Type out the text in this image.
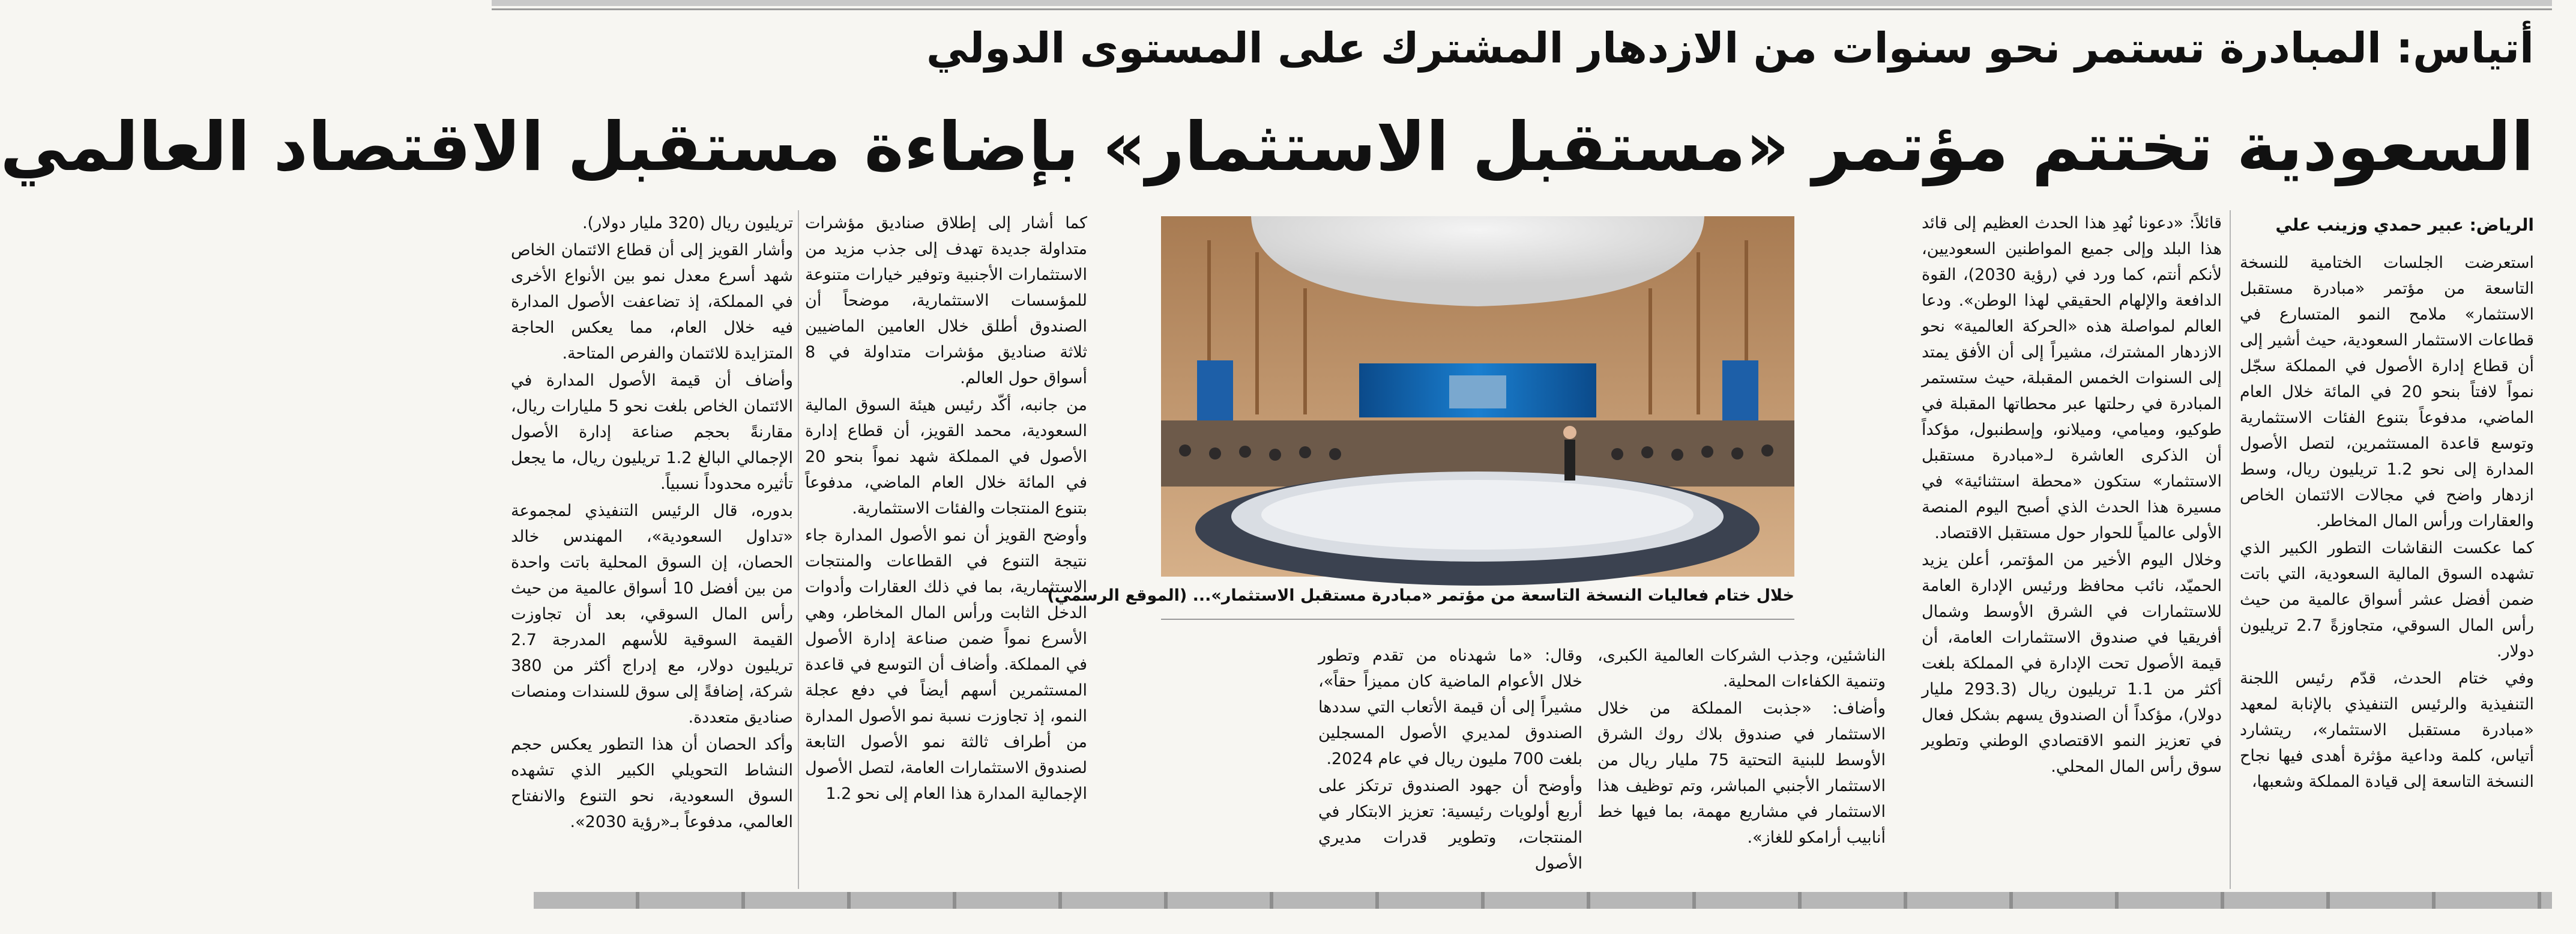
أتياس: المبادرة تستمر نحو سنوات من الازدهار المشترك على المستوى الدولي
السعودية تختتم مؤتمر «مستقبل الاستثمار» بإضاءة مستقبل الاقتصاد العالمي

الرياض: عبير حمدي وزينب علي

استعرضت الجلسات الختامية للنسخة التاسعة من مؤتمر «مبادرة مستقبل الاستثمار» ملامح النمو المتسارع في قطاعات الاستثمار السعودية، حيث أشير إلى أن قطاع إدارة الأصول في المملكة سجّل نمواً لافتاً بنحو 20 في المائة خلال العام الماضي، مدفوعاً بتنوع الفئات الاستثمارية وتوسع قاعدة المستثمرين، لتصل الأصول المدارة إلى نحو 1.2 تريليون ريال، وسط ازدهار واضح في مجالات الائتمان الخاص والعقارات ورأس المال المخاطر.

كما عكست النقاشات التطور الكبير الذي تشهده السوق المالية السعودية، التي باتت ضمن أفضل عشر أسواق عالمية من حيث رأس المال السوقي، متجاوزةً 2.7 تريليون دولار.

وفي ختام الحدث، قدّم رئيس اللجنة التنفيذية والرئيس التنفيذي بالإنابة لمعهد «مبادرة مستقبل الاستثمار»، ريتشارد أتياس، كلمة وداعية مؤثرة أهدى فيها نجاح النسخة التاسعة إلى قيادة المملكة وشعبها،

قائلاً: «دعونا نُهدِ هذا الحدث العظيم إلى قائد هذا البلد وإلى جميع المواطنين السعوديين، لأنكم أنتم، كما ورد في (رؤية 2030)، القوة الدافعة والإلهام الحقيقي لهذا الوطن». ودعا العالم لمواصلة هذه «الحركة العالمية» نحو الازدهار المشترك، مشيراً إلى أن الأفق يمتد إلى السنوات الخمس المقبلة، حيث ستستمر المبادرة في رحلتها عبر محطاتها المقبلة في طوكيو، وميامي، وميلانو، وإسطنبول، مؤكداً أن الذكرى العاشرة لـ«مبادرة مستقبل الاستثمار» ستكون «محطة استثنائية» في مسيرة هذا الحدث الذي أصبح اليوم المنصة الأولى عالمياً للحوار حول مستقبل الاقتصاد.

وخلال اليوم الأخير من المؤتمر، أعلن يزيد الحميّد، نائب محافظ ورئيس الإدارة العامة للاستثمارات في الشرق الأوسط وشمال أفريقيا في صندوق الاستثمارات العامة، أن قيمة الأصول تحت الإدارة في المملكة بلغت أكثر من 1.1 تريليون ريال (293.3 مليار دولار)، مؤكداً أن الصندوق يسهم بشكل فعال في تعزيز النمو الاقتصادي الوطني وتطوير سوق رأس المال المحلي.

خلال ختام فعاليات النسخة التاسعة من مؤتمر «مبادرة مستقبل الاستثمار»... (الموقع الرسمي)

وقال: «ما شهدناه من تقدم وتطور خلال الأعوام الماضية كان مميزاً حقاً»، مشيراً إلى أن قيمة الأتعاب التي سددها الصندوق لمديري الأصول المسجلين بلغت 700 مليون ريال في عام 2024.

وأوضح أن جهود الصندوق ترتكز على أربع أولويات رئيسية: تعزيز الابتكار في المنتجات، وتطوير قدرات مديري الأصول

الناشئين، وجذب الشركات العالمية الكبرى، وتنمية الكفاءات المحلية.

وأضاف: «جذبت المملكة من خلال الاستثمار في صندوق بلاك روك الشرق الأوسط للبنية التحتية 75 مليار ريال من الاستثمار الأجنبي المباشر، وتم توظيف هذا الاستثمار في مشاريع مهمة، بما فيها خط أنابيب أرامكو للغاز».

كما أشار إلى إطلاق صناديق مؤشرات متداولة جديدة تهدف إلى جذب مزيد من الاستثمارات الأجنبية وتوفير خيارات متنوعة للمؤسسات الاستثمارية، موضحاً أن الصندوق أطلق خلال العامين الماضيين ثلاثة صناديق مؤشرات متداولة في 8 أسواق حول العالم.

من جانبه، أكّد رئيس هيئة السوق المالية السعودية، محمد القويز، أن قطاع إدارة الأصول في المملكة شهد نمواً بنحو 20 في المائة خلال العام الماضي، مدفوعاً بتنوع المنتجات والفئات الاستثمارية.

وأوضح القويز أن نمو الأصول المدارة جاء نتيجة التنوع في القطاعات والمنتجات الاستثمارية، بما في ذلك العقارات وأدوات الدخل الثابت ورأس المال المخاطر، وهي الأسرع نمواً ضمن صناعة إدارة الأصول في المملكة. وأضاف أن التوسع في قاعدة المستثمرين أسهم أيضاً في دفع عجلة النمو، إذ تجاوزت نسبة نمو الأصول المدارة من أطراف ثالثة نمو الأصول التابعة لصندوق الاستثمارات العامة، لتصل الأصول الإجمالية المدارة هذا العام إلى نحو 1.2

تريليون ريال (320 مليار دولار).

وأشار القويز إلى أن قطاع الائتمان الخاص شهد أسرع معدل نمو بين الأنواع الأخرى في المملكة، إذ تضاعفت الأصول المدارة فيه خلال العام، مما يعكس الحاجة المتزايدة للائتمان والفرص المتاحة.

وأضاف أن قيمة الأصول المدارة في الائتمان الخاص بلغت نحو 5 مليارات ريال، مقارنةً بحجم صناعة إدارة الأصول الإجمالي البالغ 1.2 تريليون ريال، ما يجعل تأثيره محدوداً نسبياً.

بدوره، قال الرئيس التنفيذي لمجموعة «تداول السعودية»، المهندس خالد الحصان، إن السوق المحلية باتت واحدة من بين أفضل 10 أسواق عالمية من حيث رأس المال السوقي، بعد أن تجاوزت القيمة السوقية للأسهم المدرجة 2.7 تريليون دولار، مع إدراج أكثر من 380 شركة، إضافةً إلى سوق للسندات ومنصات صناديق متعددة.

وأكد الحصان أن هذا التطور يعكس حجم النشاط التحويلي الكبير الذي تشهده السوق السعودية، نحو التنوع والانفتاح العالمي، مدفوعاً بـ«رؤية 2030».
